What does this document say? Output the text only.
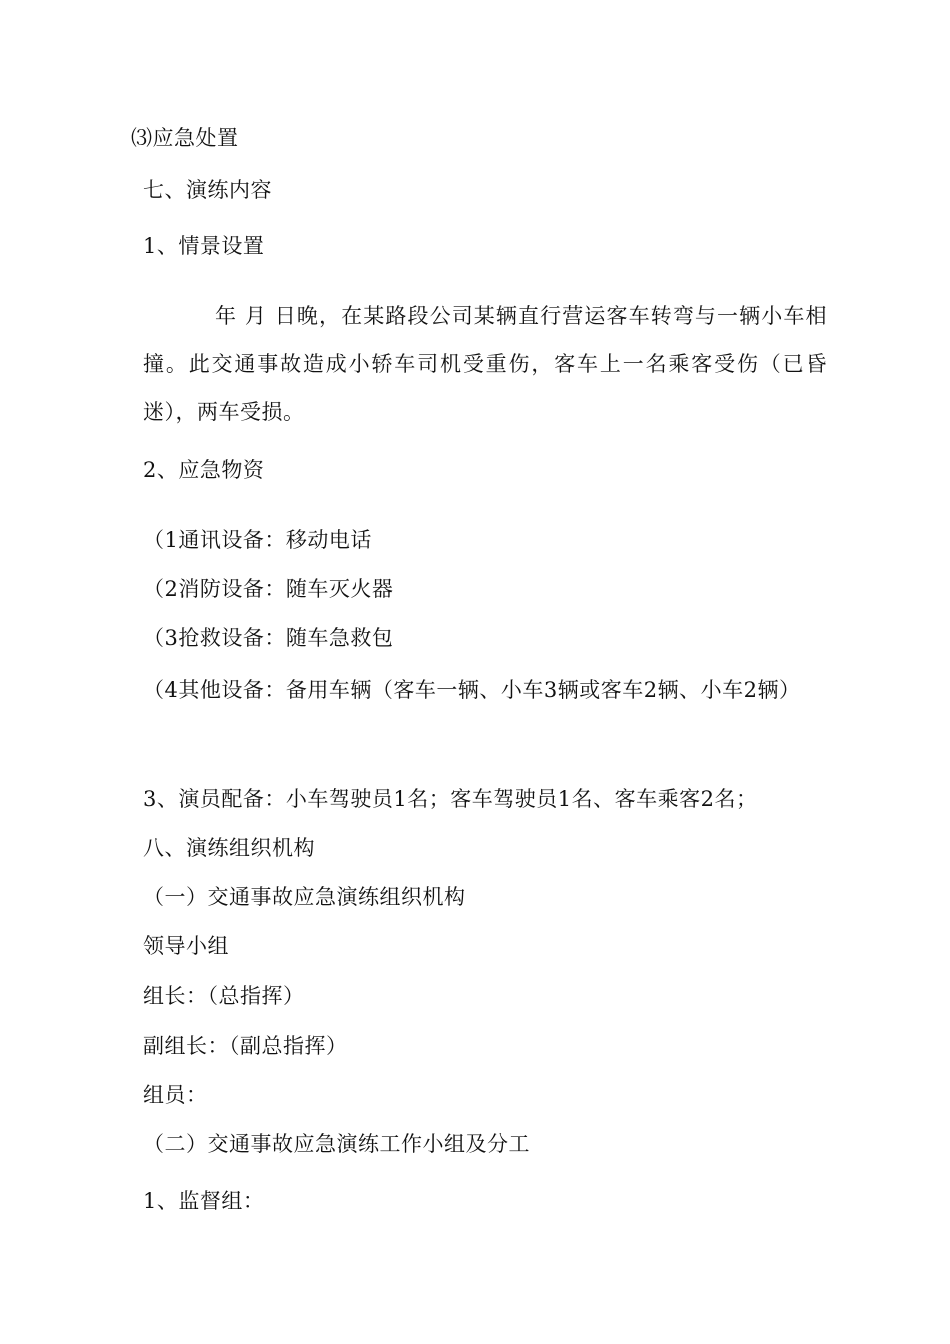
⑶应急处置
七、演练内容
1、情景设置
年 月 日晚，在某路段公司某辆直行营运客车转弯与一辆小车相撞。此交通事故造成小轿车司机受重伤，客车上一名乘客受伤（已昏迷），两车受损。
2、应急物资
（1通讯设备：移动电话
（2消防设备：随车灭火器
（3抢救设备：随车急救包
（4其他设备：备用车辆（客车一辆、小车3辆或客车2辆、小车2辆）
3、演员配备：小车驾驶员1名；客车驾驶员1名、客车乘客2名；
八、演练组织机构
（一）交通事故应急演练组织机构
领导小组
组长：（总指挥）
副组长：（副总指挥）
组员：
（二）交通事故应急演练工作小组及分工
1、监督组：
